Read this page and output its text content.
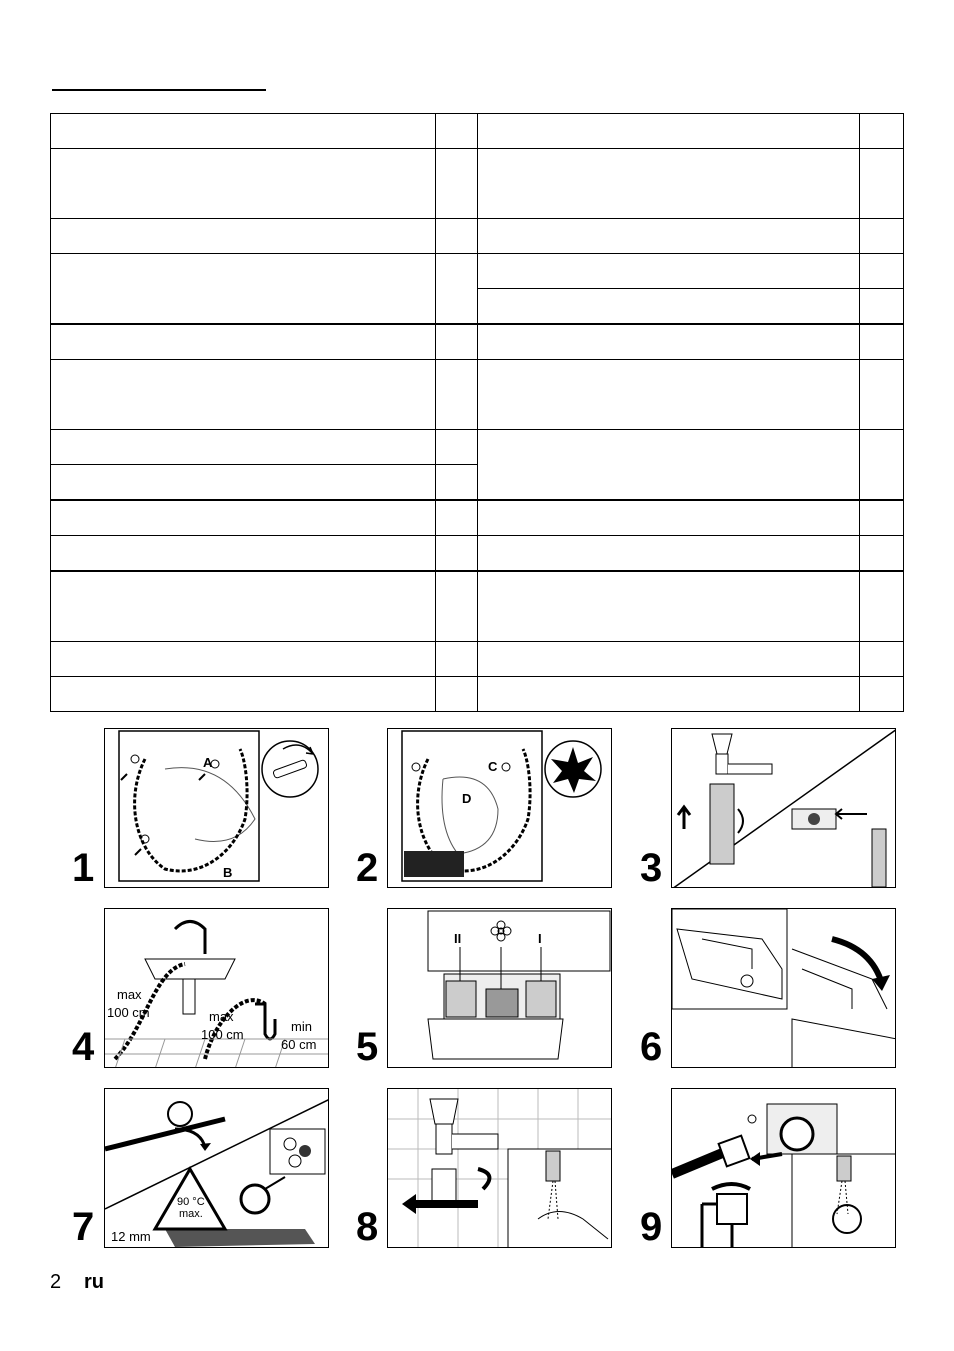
1
A
B	2
C
D
3
4
max
100 cm	max
100 cm
min
60 cm 5
II	I
6
7
90 °C
max.
12 mm	8	9
2 ru
